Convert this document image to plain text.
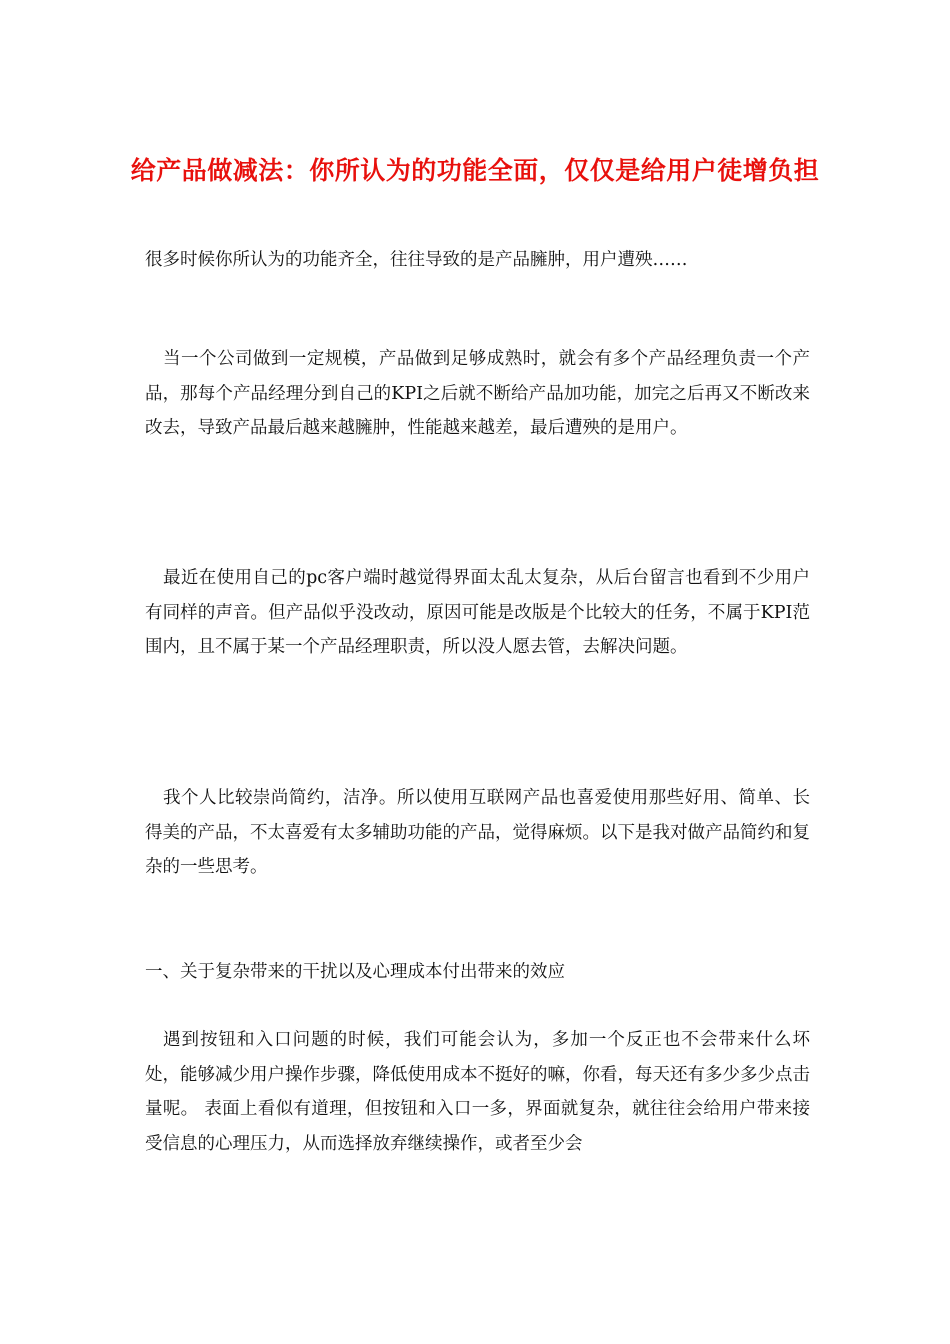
给产品做减法：你所认为的功能全面，仅仅是给用户徒增负担
很多时候你所认为的功能齐全，往往导致的是产品臃肿，用户遭殃……
当一个公司做到一定规模，产品做到足够成熟时，就会有多个产品经理负责一个产品，那每个产品经理分到自己的KPI之后就不断给产品加功能，加完之后再又不断改来改去，导致产品最后越来越臃肿，性能越来越差，最后遭殃的是用户。
最近在使用自己的pc客户端时越觉得界面太乱太复杂，从后台留言也看到不少用户有同样的声音。但产品似乎没改动，原因可能是改版是个比较大的任务，不属于KPI范围内，且不属于某一个产品经理职责，所以没人愿去管，去解决问题。
我个人比较崇尚简约，洁净。所以使用互联网产品也喜爱使用那些好用、简单、长得美的产品，不太喜爱有太多辅助功能的产品，觉得麻烦。以下是我对做产品简约和复杂的一些思考。
一、关于复杂带来的干扰以及心理成本付出带来的效应
遇到按钮和入口问题的时候，我们可能会认为，多加一个反正也不会带来什么坏处，能够减少用户操作步骤，降低使用成本不挺好的嘛，你看，每天还有多少多少点击量呢。 表面上看似有道理，但按钮和入口一多，界面就复杂，就往往会给用户带来接受信息的心理压力，从而选择放弃继续操作，或者至少会
